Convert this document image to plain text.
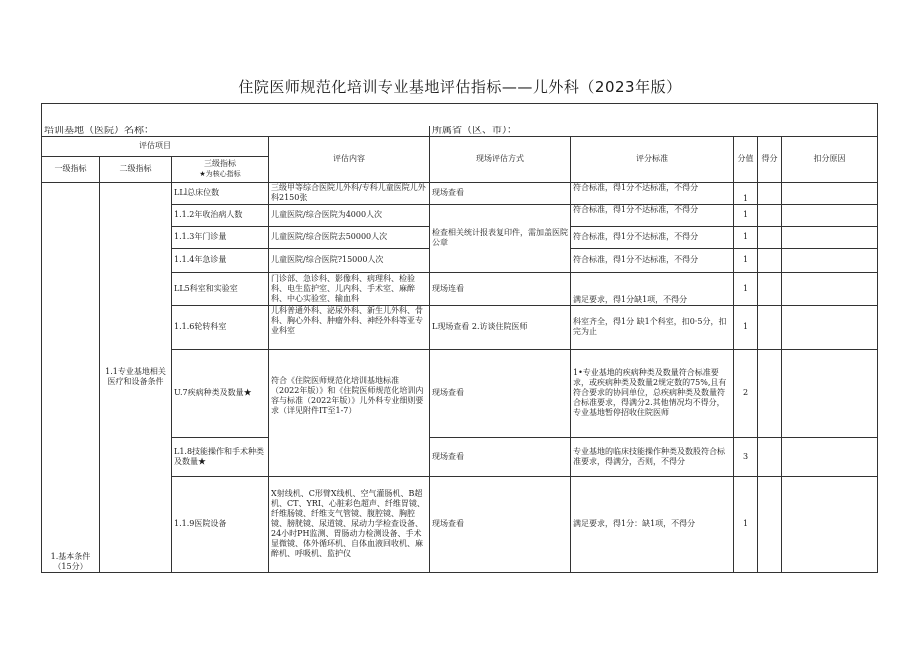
住院医师规范化培训专业基地评估指标——儿外科（2023年版）

培训基地（医院）名称：				所属省（区、市）：				
评估项目			评估内容	现场评估方式	评分标准	分值	得分	扣分原因
一级指标	二级指标	三级指标
★为核心指标						

1.基本条件（15分）	1.1专业基地相关医疗和设备条件	LLl总床位数	三级甲等综合医院儿外科/专科儿童医院儿外科2150张	现场查看	符合标准，得1分不达标准，不得分	1		
		1.1.2年收治病人数	儿童医院/综合医院为4000人次	检查相关统计报表复印件，需加盖医院公章	符合标准，得1分不达标准，不得分	1		
		1.1.3年门诊量	儿童医院/综合医院去50000人次		符合标准，得1分不达标准，不得分	1		
		1.1.4年急诊量	儿童医院/综合医院?15000人次		符合标准，得1分不达标准，不得分	1		
		LL5科室和实验室	门诊部、急诊科、影像科、病理科、检验科、电生监护室、儿内科、手术室、麻醉科、中心实验室、输血科	现场连看	满足要求，得1分缺1项，不得分	1		
		1.1.6轮转科室	儿科普通外科、泌尿外科、新生儿外科、骨科、胸心外科、肿瘤外科、神经外科等亚专业科室	L现场查看 2.访谈住院医师	科室齐全，得1分 缺1个科室，扣0·5分，扣完为止	1		
		U.7疾病种类及数量★	符合《住院医师规范化培训基地标准（2022年版）》和《住院医师规范化培训内容与标准（2022年版）》儿外科专业细则要求（详见附件IT至1-7）	现场查看	1•专业基地的疾病种类及数量符合标准要求，或疾病种类及数量2规定数的75%,且有符合要求的协同单位，总疾病种类及数量符合标准要求，得满分2.其他情况均不得分，专业基地暂停招收住院医师	2		
		L1.8技能操作和手术种类及数量★		现场查看	专业基地的临床技能操作种类及数股符合标准要求，得满分，否则，不得分	3		
		1.1.9医院设备	X射线机、C形臂X线机、空气灌肠机、B超机、CT、YRI、心脏彩色超声、纤维胃镜、纤维肠镜、纤维支气管镜、腹腔镜、胸腔镜、膀胱镜、尿道镜、尿动力学检查设备、24小时PH监测、胃肠动力检测设备、手术显微镜、体外循环机、自体血液回收机、麻醉机、呼吸机、监护仪	现场查看	满足要求，得1分：缺1项，不得分	1		
